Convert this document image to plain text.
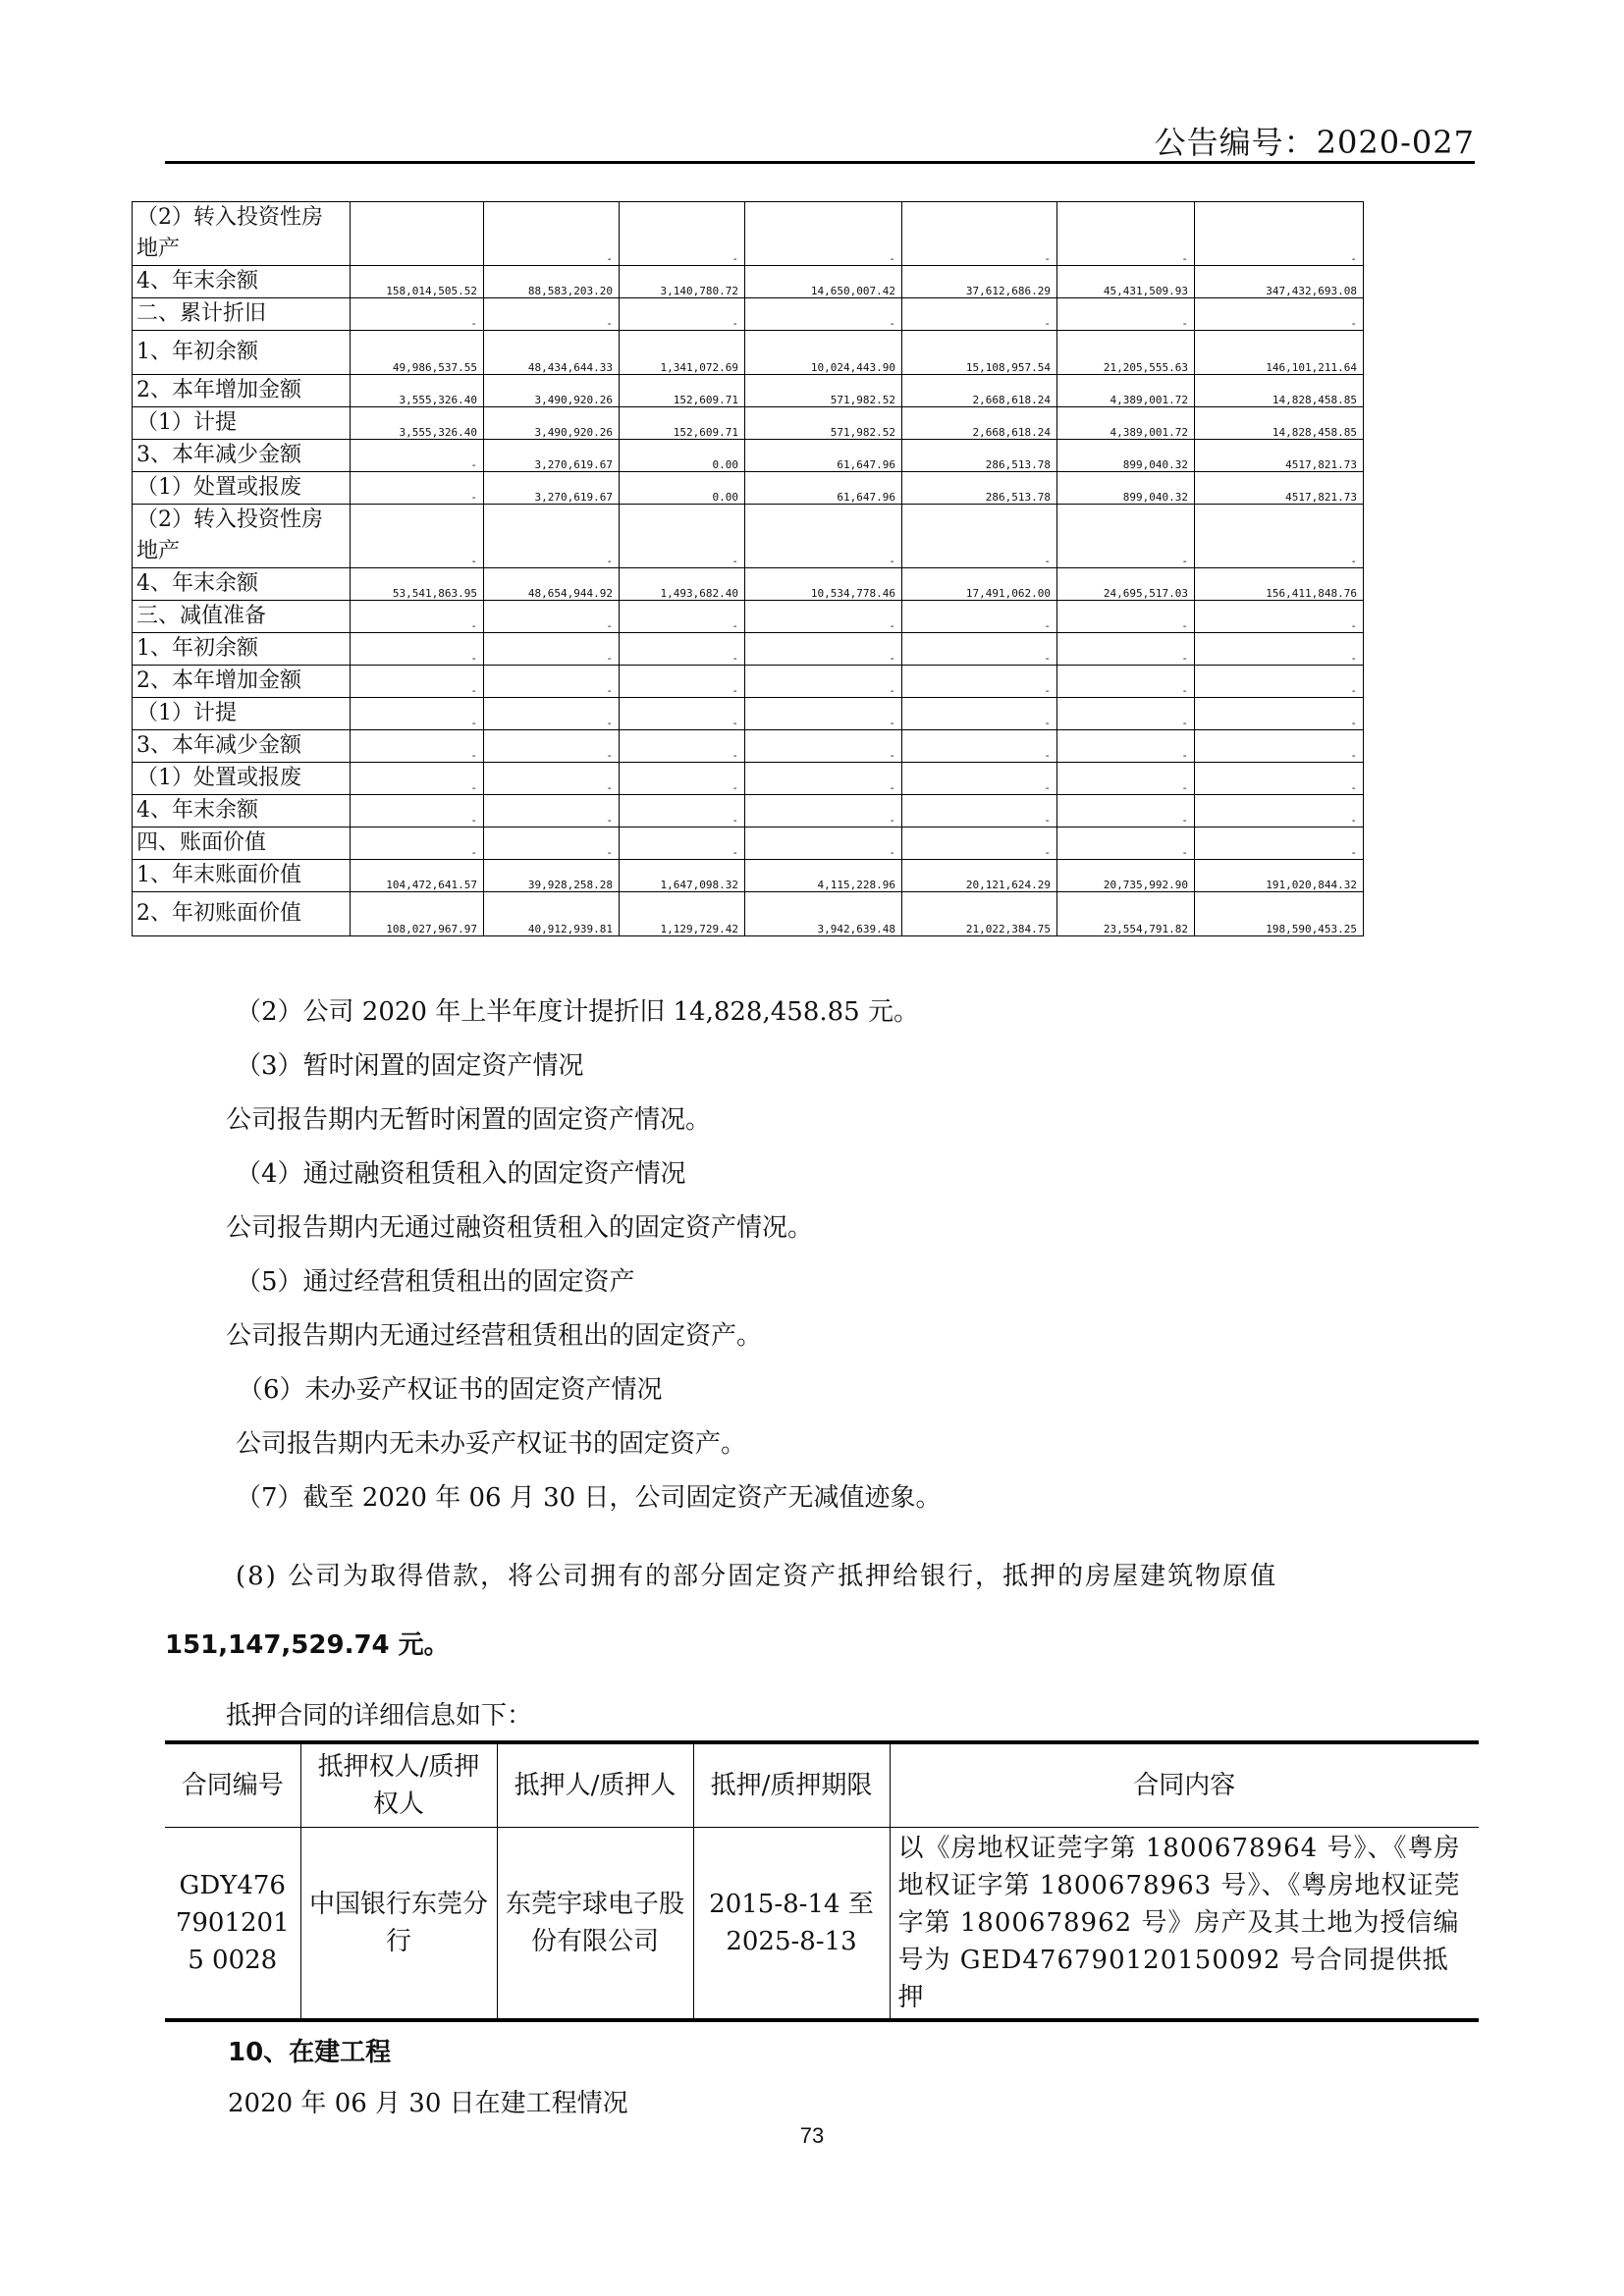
公告编号：2020-027
（2）转入投资性房地产		-	-	-	-	-	-
4、年末余额	158,014,505.52	88,583,203.20	3,140,780.72	14,650,007.42	37,612,686.29	45,431,509.93	347,432,693.08
二、累计折旧	-	-	-	-	-	-	-
1、年初余额	49,986,537.55	48,434,644.33	1,341,072.69	10,024,443.90	15,108,957.54	21,205,555.63	146,101,211.64
2、本年增加金额	3,555,326.40	3,490,920.26	152,609.71	571,982.52	2,668,618.24	4,389,001.72	14,828,458.85
（1）计提	3,555,326.40	3,490,920.26	152,609.71	571,982.52	2,668,618.24	4,389,001.72	14,828,458.85
3、本年减少金额	-	3,270,619.67	0.00	61,647.96	286,513.78	899,040.32	4517,821.73
（1）处置或报废	-	3,270,619.67	0.00	61,647.96	286,513.78	899,040.32	4517,821.73
（2）转入投资性房地产	-	-	-	-	-	-	-
4、年末余额	53,541,863.95	48,654,944.92	1,493,682.40	10,534,778.46	17,491,062.00	24,695,517.03	156,411,848.76
三、减值准备	-	-	-	-	-	-	-
1、年初余额	-	-	-	-	-	-	-
2、本年增加金额	-	-	-	-	-	-	-
（1）计提	-	-	-	-	-	-	-
3、本年减少金额	-	-	-	-	-	-	-
（1）处置或报废	-	-	-	-	-	-	-
4、年末余额	-	-	-	-	-	-	-
四、账面价值	-	-	-	-	-	-	-
1、年末账面价值	104,472,641.57	39,928,258.28	1,647,098.32	4,115,228.96	20,121,624.29	20,735,992.90	191,020,844.32
2、年初账面价值	108,027,967.97	40,912,939.81	1,129,729.42	3,942,639.48	21,022,384.75	23,554,791.82	198,590,453.25
（2）公司 2020 年上半年度计提折旧 14,828,458.85 元。
（3）暂时闲置的固定资产情况
公司报告期内无暂时闲置的固定资产情况。
（4）通过融资租赁租入的固定资产情况
公司报告期内无通过融资租赁租入的固定资产情况。
（5）通过经营租赁租出的固定资产
公司报告期内无通过经营租赁租出的固定资产。
（6）未办妥产权证书的固定资产情况
公司报告期内无未办妥产权证书的固定资产。
（7）截至 2020 年 06 月 30 日，公司固定资产无减值迹象。
(8) 公司为取得借款，将公司拥有的部分固定资产抵押给银行，抵押的房屋建筑物原值
151,147,529.74 元。
抵押合同的详细信息如下：
合同编号	抵押权人/质押权人	抵押人/质押人	抵押/质押期限	合同内容
GDY47679012015 0028	中国银行东莞分行	东莞宇球电子股份有限公司	2015-8-14 至 2025-8-13	以《房地权证莞字第 1800678964 号》、《粤房地权证字第 1800678963 号》、《粤房地权证莞字第 1800678962 号》房产及其土地为授信编号为 GED476790120150092 号合同提供抵押
10、在建工程
2020 年 06 月 30 日在建工程情况
73
